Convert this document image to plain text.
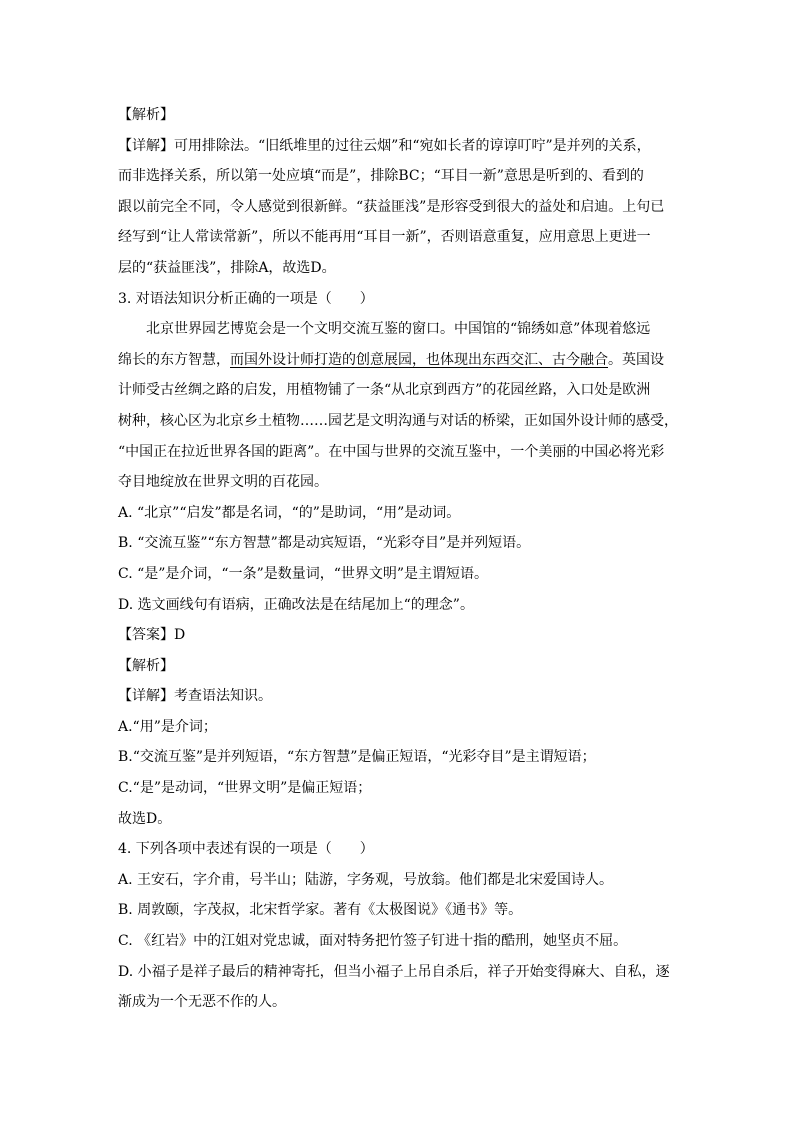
【解析】
【详解】可用排除法。“旧纸堆里的过往云烟”和“宛如长者的谆谆叮咛”是并列的关系，
而非选择关系，所以第一处应填“而是”，排除BC；“耳目一新”意思是听到的、看到的
跟以前完全不同，令人感觉到很新鲜。“获益匪浅”是形容受到很大的益处和启迪。上句已
经写到“让人常读常新”，所以不能再用“耳目一新”，否则语意重复，应用意思上更进一
层的“获益匪浅”，排除A，故选D。
3. 对语法知识分析正确的一项是（　　）
北京世界园艺博览会是一个文明交流互鉴的窗口。中国馆的“锦绣如意”体现着悠远
绵长的东方智慧，而国外设计师打造的创意展园，也体现出东西交汇、古今融合。英国设
计师受古丝绸之路的启发，用植物铺了一条“从北京到西方”的花园丝路，入口处是欧洲
树种，核心区为北京乡土植物……园艺是文明沟通与对话的桥梁，正如国外设计师的感受，
“中国正在拉近世界各国的距离”。在中国与世界的交流互鉴中，一个美丽的中国必将光彩
夺目地绽放在世界文明的百花园。
A. “北京”“启发”都是名词，“的”是助词，“用”是动词。
B. “交流互鉴”“东方智慧”都是动宾短语，“光彩夺目”是并列短语。
C. “是”是介词，“一条”是数量词，“世界文明”是主谓短语。
D. 选文画线句有语病，正确改法是在结尾加上“的理念”。
【答案】D
【解析】
【详解】考查语法知识。
A.“用”是介词；
B.“交流互鉴”是并列短语，“东方智慧”是偏正短语，“光彩夺目”是主谓短语；
C.“是”是动词，“世界文明”是偏正短语；
故选D。
4. 下列各项中表述有误的一项是（　　）
A. 王安石，字介甫，号半山；陆游，字务观，号放翁。他们都是北宋爱国诗人。
B. 周敦颐，字茂叔，北宋哲学家。著有《太极图说》《通书》等。
C. 《红岩》中的江姐对党忠诚，面对特务把竹签子钉进十指的酷刑，她坚贞不屈。
D. 小福子是祥子最后的精神寄托，但当小福子上吊自杀后，祥子开始变得麻大、自私，逐
渐成为一个无恶不作的人。
